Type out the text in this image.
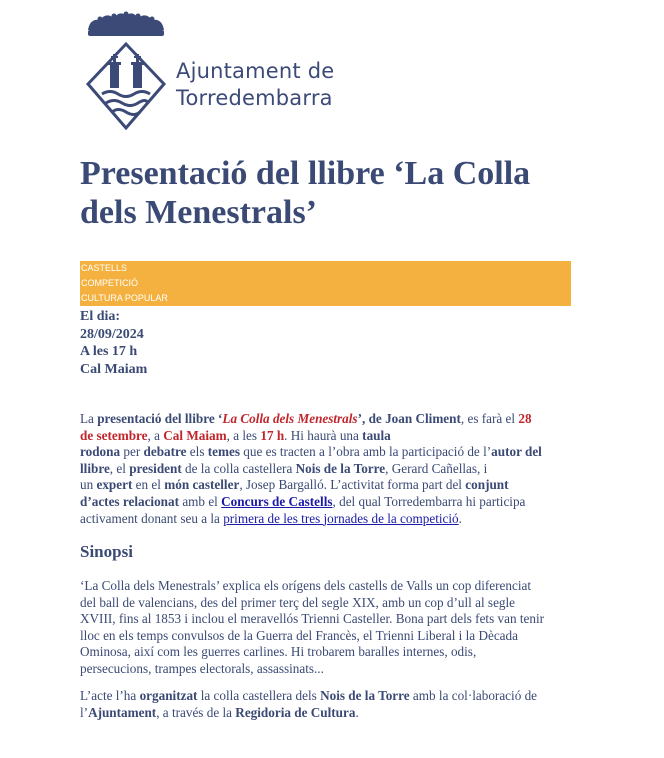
Ajuntament de
Torredembarra
Presentació del llibre ‘La Colla
dels Menestrals’
CASTELLS
COMPETICIÓ
CULTURA POPULAR
El dia:
28/09/2024
A les 17 h
Cal Maiam
La presentació del llibre ‘La Colla dels Menestrals’, de Joan Climent, es farà el 28
de setembre, a Cal Maiam, a les 17 h. Hi haurà una taula
rodona per debatre els temes que es tracten a l’obra amb la participació de l’autor del
llibre, el president de la colla castellera Nois de la Torre, Gerard Cañellas, i
un expert en el món casteller, Josep Bargalló. L’activitat forma part del conjunt
d’actes relacionat amb el Concurs de Castells, del qual Torredembarra hi participa
activament donant seu a la primera de les tres jornades de la competició.
Sinopsi
‘La Colla dels Menestrals’ explica els orígens dels castells de Valls un cop diferenciat
del ball de valencians, des del primer terç del segle XIX, amb un cop d’ull al segle
XVIII, fins al 1853 i inclou el meravellós Trienni Casteller. Bona part dels fets van tenir
lloc en els temps convulsos de la Guerra del Francès, el Trienni Liberal i la Dècada
Ominosa, així com les guerres carlines. Hi trobarem baralles internes, odis,
persecucions, trampes electorals, assassinats...
L’acte l’ha organitzat la colla castellera dels Nois de la Torre amb la col·laboració de
l’Ajuntament, a través de la Regidoria de Cultura.
